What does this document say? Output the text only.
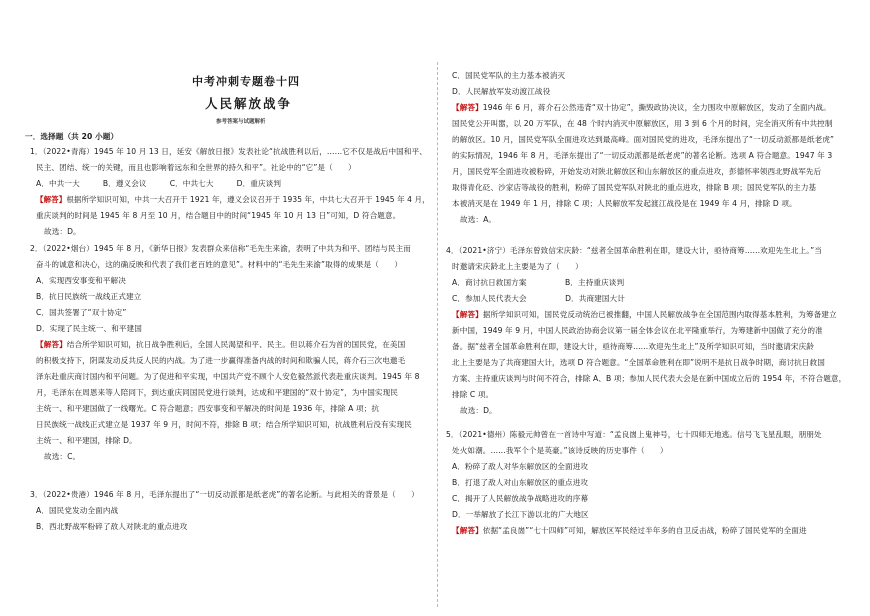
中考冲刺专题卷十四
人民解放战争
参考答案与试题解析
一．选择题（共 20 小题）
1．（2022•青海）1945 年 10 月 13 日，延安《解放日报》发表社论“抗战胜利以后，……它不仅是战后中国和平、
民主、团结、统一的关键，而且也影响着远东和全世界的持久和平”。社论中的“它”是（　　）
A．中共一大　　　B．遵义会议　　　C．中共七大　　　D．重庆谈判
【解答】根据所学知识可知，中共一大召开于 1921 年，遵义会议召开于 1935 年，中共七大召开于 1945 年 4 月，
重庆谈判的时间是 1945 年 8 月至 10 月，结合题目中的时间“1945 年 10 月 13 日”可知，D 符合题意。
故选：D。
2．（2022•烟台）1945 年 8 月，《新华日报》发表群众来信称“毛先生来渝，表明了中共为和平、团结与民主而
奋斗的诚意和决心，这的确反映和代表了我们老百姓的意见”。材料中的“毛先生来渝”取得的成果是（　　）
A．实现西安事变和平解决
B．抗日民族统一战线正式建立
C．国共签署了“双十协定”
D．实现了民主统一、和平建国
【解答】结合所学知识可知，抗日战争胜利后，全国人民渴望和平、民主。但以蒋介石为首的国民党，在美国
的积极支持下，阴谋发动反共反人民的内战。为了进一步赢得准备内战的时间和欺骗人民，蒋介石三次电邀毛
泽东赴重庆商讨国内和平问题。为了促进和平实现，中国共产党不顾个人安危毅然派代表赴重庆谈判。1945 年 8
月，毛泽东在周恩来等人陪同下，到达重庆同国民党进行谈判，达成和平建国的“双十协定”，为中国实现民
主统一、和平建国做了一线曙光。C 符合题意；西安事变和平解决的时间是 1936 年，排除 A 项；抗
日民族统一战线正式建立是 1937 年 9 月，时间不符，排除 B 项；结合所学知识可知，抗战胜利后没有实现民
主统一、和平建国，排除 D。
故选：C。
3．（2022•贵港）1946 年 8 月，毛泽东提出了“一切反动派都是纸老虎”的著名论断。与此相关的背景是（　　）
A．国民党发动全面内战
B．西北野战军粉碎了敌人对陕北的重点进攻
C．国民党军队的主力基本被消灭
D．人民解放军发动渡江战役
【解答】1946 年 6 月，蒋介石公然违背“双十协定”，撕毁政协决议，全力围攻中原解放区，发动了全面内战。
国民党公开叫嚣，以 20 万军队，在 48 个时内消灭中原解放区，用 3 到 6 个月的时间，完全消灭所有中共控制
的解放区。10 月，国民党军队全面进攻达到最高峰。面对国民党的进攻，毛泽东提出了“一切反动派都是纸老虎”
的实际情况，1946 年 8 月，毛泽东提出了“一切反动派都是纸老虎”的著名论断。选项 A 符合题意。1947 年 3
月，国民党军全面进攻被粉碎，开始发动对陕北解放区和山东解放区的重点进攻，彭德怀率领西北野战军先后
取得青化砭、沙家店等战役的胜利，粉碎了国民党军队对陕北的重点进攻，排除 B 项；国民党军队的主力基
本被消灭是在 1949 年 1 月，排除 C 项；人民解放军发起渡江战役是在 1949 年 4 月，排除 D 项。
故选：A。
4．（2021•济宁）毛泽东曾致信宋庆龄：“兹者全国革命胜利在即，建设大计，亟待商筹……欢迎先生北上。”当
时邀请宋庆龄北上主要是为了（　　）
A．商讨抗日救国方案　　　　　B．主持重庆谈判
C．参加人民代表大会　　　　　D．共商建国大计
【解答】据所学知识可知，国民党反动统治已被推翻，中国人民解放战争在全国范围内取得基本胜利，为筹备建立
新中国，1949 年 9 月，中国人民政治协商会议第一届全体会议在北平隆重举行，为筹建新中国做了充分的准
备。据“兹者全国革命胜利在即，建设大计，亟待商筹……欢迎先生北上”及所学知识可知，当时邀请宋庆龄
北上主要是为了共商建国大计，选项 D 符合题意。“全国革命胜利在即”说明不是抗日战争时期，商讨抗日救国
方案、主持重庆谈判与时间不符合，排除 A、B 项；参加人民代表大会是在新中国成立后的 1954 年，不符合题意，
排除 C 项。
故选：D。
5．（2021•德州）陈毅元帅曾在一首诗中写道：“孟良崮上鬼神号，七十四师无地逃。信号飞飞星乱眼，朋朋处
处火如潮。……我军个个是英豪。”该诗反映的历史事件（　　）
A．粉碎了敌人对华东解放区的全面进攻
B．打退了敌人对山东解放区的重点进攻
C．揭开了人民解放战争战略进攻的序幕
D．一举解放了长江下游以北的广大地区
【解答】依据“孟良崮”“七十四师”可知，解放区军民经过半年多的自卫反击战，粉碎了国民党军的全面进
